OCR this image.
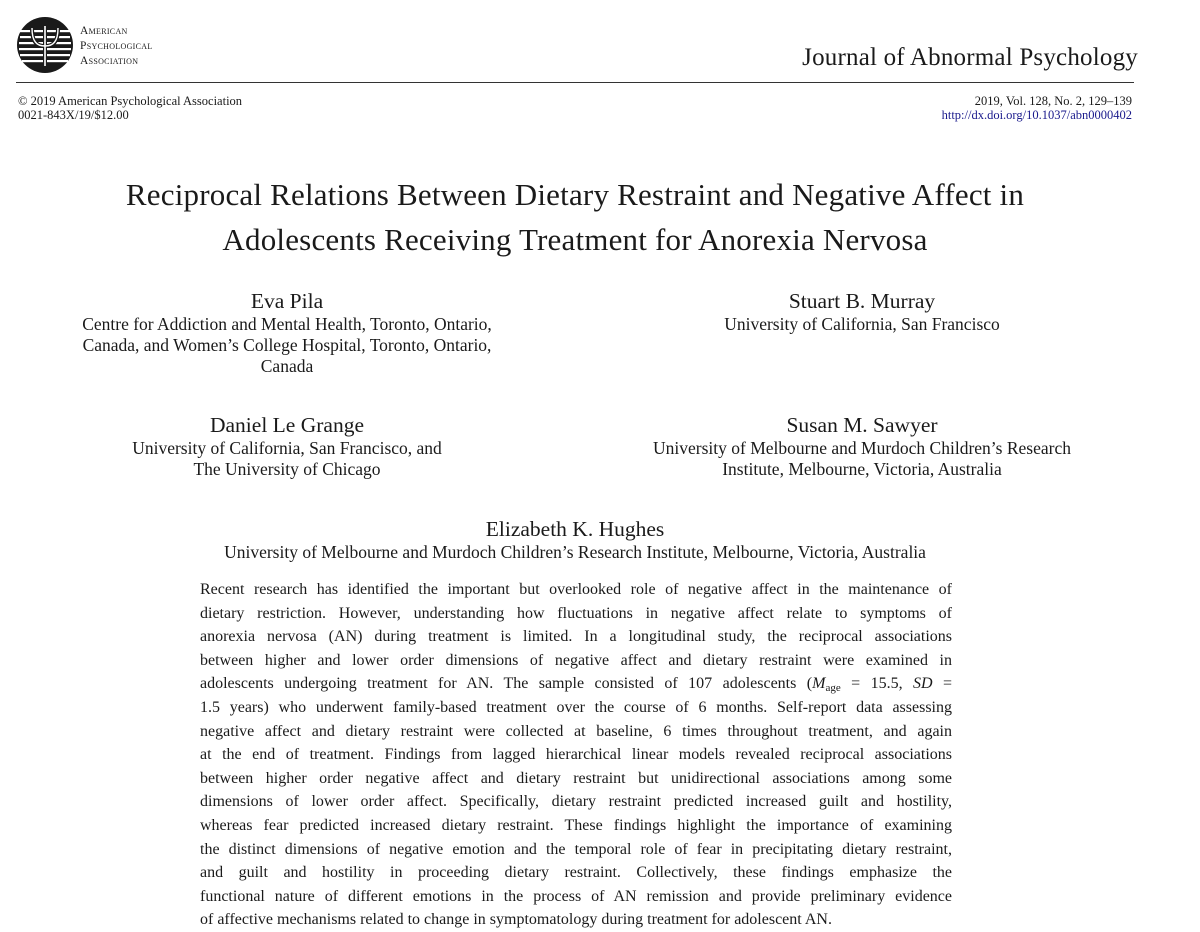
American
Psychological
Association	Journal of Abnormal Psychology
© 2019 American Psychological Association
0021-843X/19/$12.00
2019, Vol. 128, No. 2, 129–139
http://dx.doi.org/10.1037/abn0000402
Reciprocal Relations Between Dietary Restraint and Negative Affect in
Adolescents Receiving Treatment for Anorexia Nervosa
Eva Pila
Centre for Addiction and Mental Health, Toronto, Ontario,
Canada, and Women’s College Hospital, Toronto, Ontario,
Canada
Stuart B. Murray
University of California, San Francisco
Daniel Le Grange
University of California, San Francisco, and
The University of Chicago
Susan M. Sawyer
University of Melbourne and Murdoch Children’s Research
Institute, Melbourne, Victoria, Australia
Elizabeth K. Hughes
University of Melbourne and Murdoch Children’s Research Institute, Melbourne, Victoria, Australia
Recent research has identified the important but overlooked role of negative affect in the maintenance of
dietary restriction. However, understanding how fluctuations in negative affect relate to symptoms of
anorexia nervosa (AN) during treatment is limited. In a longitudinal study, the reciprocal associations
between higher and lower order dimensions of negative affect and dietary restraint were examined in
adolescents undergoing treatment for AN. The sample consisted of 107 adolescents ($M_{age} = 15.5$, SD =
1.5 years) who underwent family-based treatment over the course of 6 months. Self-report data assessing
negative affect and dietary restraint were collected at baseline, 6 times throughout treatment, and again
at the end of treatment. Findings from lagged hierarchical linear models revealed reciprocal associations
between higher order negative affect and dietary restraint but unidirectional associations among some
dimensions of lower order affect. Specifically, dietary restraint predicted increased guilt and hostility,
whereas fear predicted increased dietary restraint. These findings highlight the importance of examining
the distinct dimensions of negative emotion and the temporal role of fear in precipitating dietary restraint,
and guilt and hostility in proceeding dietary restraint. Collectively, these findings emphasize the
functional nature of different emotions in the process of AN remission and provide preliminary evidence
of affective mechanisms related to change in symptomatology during treatment for adolescent AN.
